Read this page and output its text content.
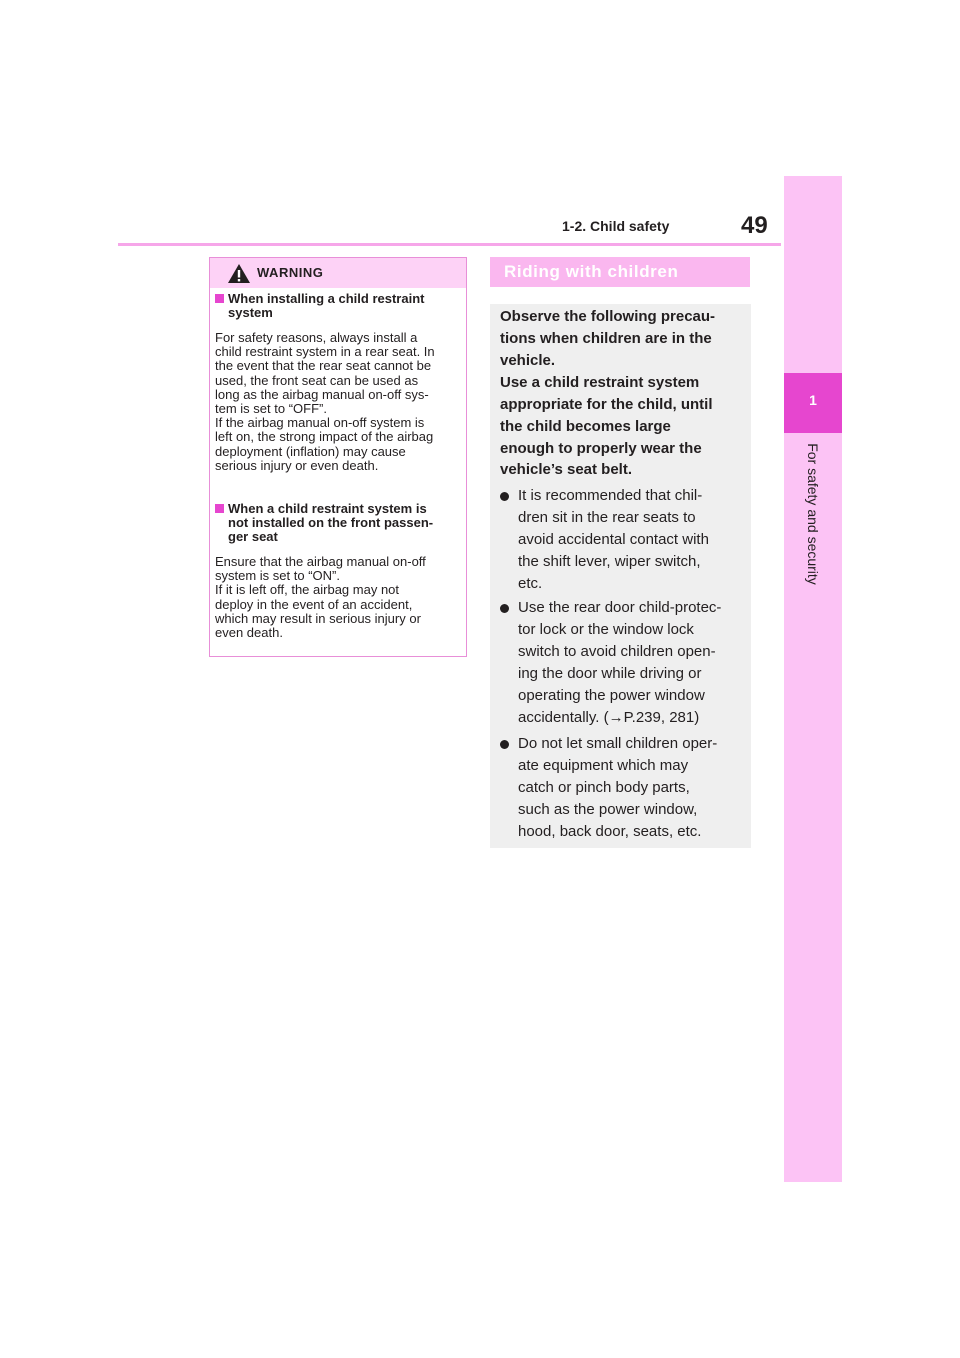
1-2. Child safety	49
1
For safety and security
WARNING
When installing a child restraint
system
For safety reasons, always install a
child restraint system in a rear seat. In
the event that the rear seat cannot be
used, the front seat can be used as
long as the airbag manual on-off sys-
tem is set to “OFF”.
If the airbag manual on-off system is
left on, the strong impact of the airbag
deployment (inflation) may cause
serious injury or even death.
When a child restraint system is
not installed on the front passen-
ger seat
Ensure that the airbag manual on-off
system is set to “ON”.
If it is left off, the airbag may not
deploy in the event of an accident,
which may result in serious injury or
even death.
Riding with children
Observe the following precau-
tions when children are in the
vehicle.
Use a child restraint system
appropriate for the child, until
the child becomes large
enough to properly wear the
vehicle’s seat belt.
It is recommended that chil-
dren sit in the rear seats to
avoid accidental contact with
the shift lever, wiper switch,
etc.
Use the rear door child-protec-
tor lock or the window lock
switch to avoid children open-
ing the door while driving or
operating the power window
accidentally. (→P.239, 281)
Do not let small children oper-
ate equipment which may
catch or pinch body parts,
such as the power window,
hood, back door, seats, etc.
